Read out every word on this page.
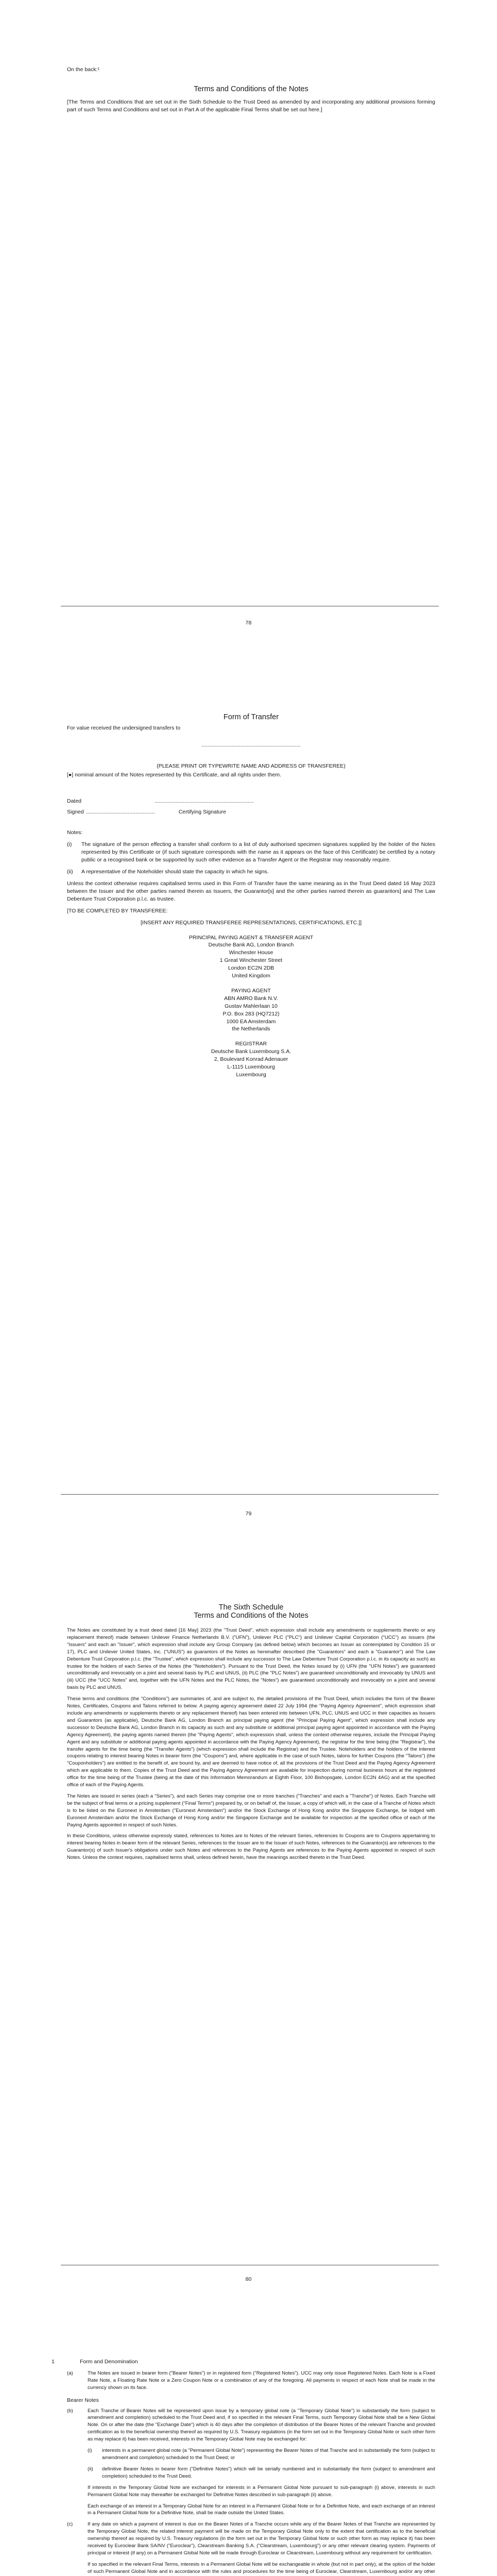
On the back:¹

Terms and Conditions of the Notes

[The Terms and Conditions that are set out in the Sixth Schedule to the Trust Deed as amended by and incorporating any additional provisions forming part of such Terms and Conditions and set out in Part A of the applicable Final Terms shall be set out here.]

78

Form of Transfer

For value received the undersigned transfers to

..................................................................

(PLEASE PRINT OR TYPEWRITE NAME AND ADDRESS OF TRANSFEREE)

[●] nominal amount of the Notes represented by this Certificate, and all rights under them.

Dated	..................................................................
Signed ..............................................	Certifying Signature

Notes:

(i)	The signature of the person effecting a transfer shall conform to a list of duly authorised specimen signatures supplied by the holder of the Notes represented by this Certificate or (if such signature corresponds with the name as it appears on the face of this Certificate) be certified by a notary public or a recognised bank or be supported by such other evidence as a Transfer Agent or the Registrar may reasonably require.
(ii)	A representative of the Noteholder should state the capacity in which he signs.

Unless the context otherwise requires capitalised terms used in this Form of Transfer have the same meaning as in the Trust Deed dated 16 May 2023 between the Issuer and the other parties named therein as Issuers, the Guarantor[s] and the other parties named therein as guarantors] and The Law Debenture Trust Corporation p.l.c. as trustee.

[TO BE COMPLETED BY TRANSFEREE:

[INSERT ANY REQUIRED TRANSFEREE REPRESENTATIONS, CERTIFICATIONS, ETC.]]

PRINCIPAL PAYING AGENT & TRANSFER AGENT
Deutsche Bank AG, London Branch
Winchester House
1 Great Winchester Street
London EC2N 2DB
United Kingdom
PAYING AGENT
ABN AMRO Bank N.V.
Gustav Mahlerlaan 10
P.O. Box 283 (HQ7212)
1000 EA Amsterdam
the Netherlands
REGISTRAR
Deutsche Bank Luxembourg S.A.
2, Boulevard Konrad Adenauer
L-1115 Luxembourg
Luxembourg
79

The Sixth Schedule

Terms and Conditions of the Notes

The Notes are constituted by a trust deed dated [16 May] 2023 (the "Trust Deed", which expression shall include any amendments or supplements thereto or any replacement thereof) made between Unilever Finance Netherlands B.V. ("UFN"), Unilever PLC ("PLC") and Unilever Capital Corporation ("UCC") as issuers (the "Issuers" and each an "Issuer", which expression shall include any Group Company (as defined below) which becomes an Issuer as contemplated by Condition 15 or 17), PLC and Unilever United States, Inc. ("UNUS") as guarantors of the Notes as hereinafter described (the "Guarantors" and each a "Guarantor") and The Law Debenture Trust Corporation p.l.c. (the "Trustee", which expression shall include any successor to The Law Debenture Trust Corporation p.l.c. in its capacity as such) as trustee for the holders of each Series of the Notes (the "Noteholders"). Pursuant to the Trust Deed, the Notes issued by (i) UFN (the "UFN Notes") are guaranteed unconditionally and irrevocably on a joint and several basis by PLC and UNUS, (ii) PLC (the "PLC Notes") are guaranteed unconditionally and irrevocably by UNUS and (iii) UCC (the "UCC Notes" and, together with the UFN Notes and the PLC Notes, the "Notes") are guaranteed unconditionally and irrevocably on a joint and several basis by PLC and UNUS.

These terms and conditions (the "Conditions") are summaries of, and are subject to, the detailed provisions of the Trust Deed, which includes the form of the Bearer Notes, Certificates, Coupons and Talons referred to below. A paying agency agreement dated 22 July 1994 (the "Paying Agency Agreement", which expression shall include any amendments or supplements thereto or any replacement thereof) has been entered into between UFN, PLC, UNUS and UCC in their capacities as Issuers and Guarantors (as applicable), Deutsche Bank AG, London Branch as principal paying agent (the "Principal Paying Agent", which expression shall include any successor to Deutsche Bank AG, London Branch in its capacity as such and any substitute or additional principal paying agent appointed in accordance with the Paying Agency Agreement), the paying agents named therein (the "Paying Agents", which expression shall, unless the context otherwise requires, include the Principal Paying Agent and any substitute or additional paying agents appointed in accordance with the Paying Agency Agreement), the registrar for the time being (the "Registrar"), the transfer agents for the time being (the "Transfer Agents") (which expression shall include the Registrar) and the Trustee. Noteholders and the holders of the interest coupons relating to interest bearing Notes in bearer form (the "Coupons") and, where applicable in the case of such Notes, talons for further Coupons (the "Talons") (the "Couponholders") are entitled to the benefit of, are bound by, and are deemed to have notice of, all the provisions of the Trust Deed and the Paying Agency Agreement which are applicable to them. Copies of the Trust Deed and the Paying Agency Agreement are available for inspection during normal business hours at the registered office for the time being of the Trustee (being at the date of this Information Memorandum at Eighth Floor, 100 Bishopsgate, London EC2N 4AG) and at the specified office of each of the Paying Agents.

The Notes are issued in series (each a "Series"), and each Series may comprise one or more tranches ("Tranches" and each a "Tranche") of Notes. Each Tranche will be the subject of final terms or a pricing supplement ("Final Terms") prepared by, or on behalf of, the Issuer, a copy of which will, in the case of a Tranche of Notes which is to be listed on the Euronext in Amsterdam ("Euronext Amsterdam") and/or the Stock Exchange of Hong Kong and/or the Singapore Exchange, be lodged with Euronext Amsterdam and/or the Stock Exchange of Hong Kong and/or the Singapore Exchange and be available for inspection at the specified office of each of the Paying Agents appointed in respect of such Notes.

In these Conditions, unless otherwise expressly stated, references to Notes are to Notes of the relevant Series, references to Coupons are to Coupons appertaining to interest bearing Notes in bearer form of the relevant Series, references to the Issuer are to the Issuer of such Notes, references to the Guarantor(s) are references to the Guarantor(s) of such Issuer's obligations under such Notes and references to the Paying Agents are references to the Paying Agents appointed in respect of such Notes. Unless the context requires, capitalised terms shall, unless defined herein, have the meanings ascribed thereto in the Trust Deed.

80
1	Form and Denomination
(a)	The Notes are issued in bearer form ("Bearer Notes") or in registered form ("Registered Notes"). UCC may only issue Registered Notes. Each Note is a Fixed Rate Note, a Floating Rate Note or a Zero Coupon Note or a combination of any of the foregoing. All payments in respect of each Note shall be made in the currency shown on its face.

Bearer Notes

(b)	Each Tranche of Bearer Notes will be represented upon issue by a temporary global note (a "Temporary Global Note") in substantially the form (subject to amendment and completion) scheduled to the Trust Deed and, if so specified in the relevant Final Terms, such Temporary Global Note shall be a New Global Note. On or after the date (the "Exchange Date") which is 40 days after the completion of distribution of the Bearer Notes of the relevant Tranche and provided certification as to the beneficial ownership thereof as required by U.S. Treasury regulations (in the form set out in the Temporary Global Note or such other form as may replace it) has been received, interests in the Temporary Global Note may be exchanged for:

(i)	interests in a permanent global note (a "Permanent Global Note") representing the Bearer Notes of that Tranche and in substantially the form (subject to amendment and completion) scheduled to the Trust Deed; or
(ii)	definitive Bearer Notes in bearer form ("Definitive Notes") which will be serially numbered and in substantially the form (subject to amendment and completion) scheduled to the Trust Deed.

If interests in the Temporary Global Note are exchanged for interests in a Permanent Global Note pursuant to sub-paragraph (i) above, interests in such Permanent Global Note may thereafter be exchanged for Definitive Notes described in sub-paragraph (ii) above.

Each exchange of an interest in a Temporary Global Note for an interest in a Permanent Global Note or for a Definitive Note, and each exchange of an interest in a Permanent Global Note for a Definitive Note, shall be made outside the United States.

(c)	If any date on which a payment of interest is due on the Bearer Notes of a Tranche occurs while any of the Bearer Notes of that Tranche are represented by the Temporary Global Note, the related interest payment will be made on the Temporary Global Note only to the extent that certification as to the beneficial ownership thereof as required by U.S. Treasury regulations (in the form set out in the Temporary Global Note or such other form as may replace it) has been received by Euroclear Bank SA/NV ("Euroclear"), Clearstream Banking S.A. ("Clearstream, Luxembourg") or any other relevant clearing system. Payments of principal or interest (if any) on a Permanent Global Note will be made through Euroclear or Clearstream, Luxembourg without any requirement for certification.

If so specified in the relevant Final Terms, interests in a Permanent Global Note will be exchangeable in whole (but not in part only), at the option of the holder of such Permanent Global Note and in accordance with the rules and procedures for the time being of Euroclear, Clearstream, Luxembourg and/or any other
